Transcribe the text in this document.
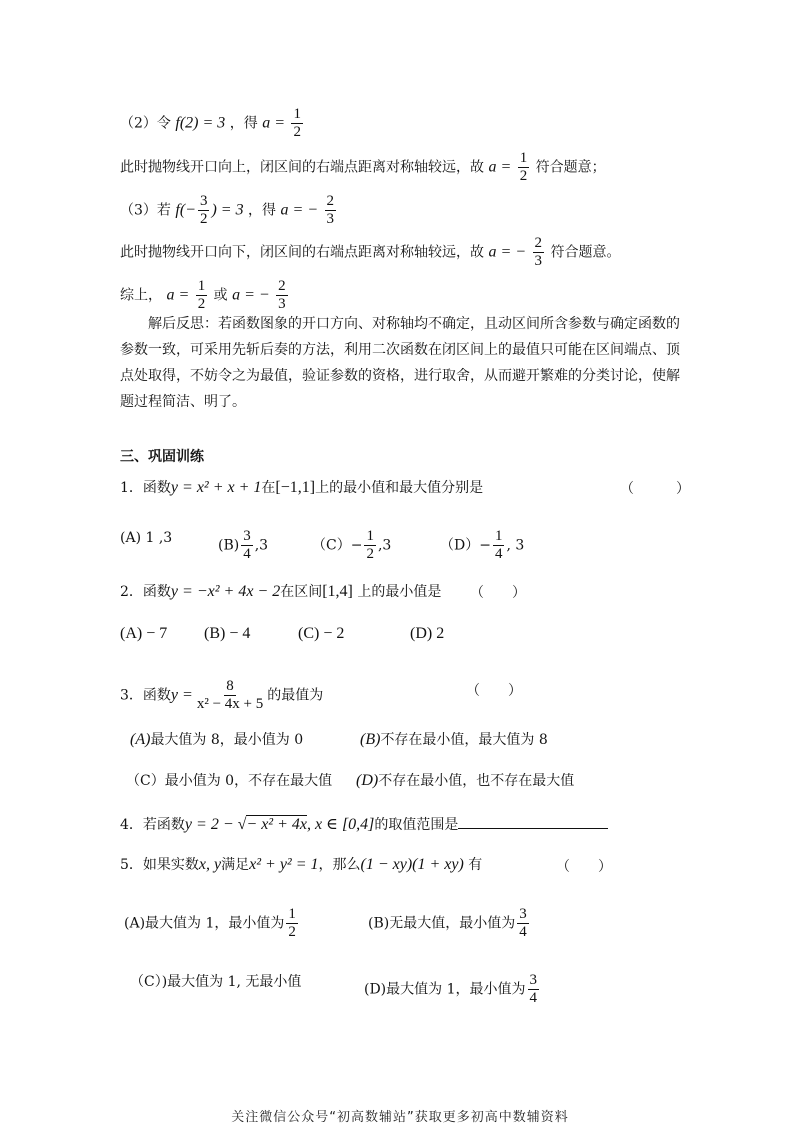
（2）令 f(2) = 3 ，得 $a = \frac{1}{2}$
此时抛物线开口向上，闭区间的右端点距离对称轴较远，故 $a = \frac{1}{2}$ 符合题意；
（3）若 $f(- \frac{3}{2}$ ) = 3 ，得 a = − $\frac{2}{3}$
此时抛物线开口向下，闭区间的右端点距离对称轴较远，故 a = − $\frac{2}{3}$ 符合题意。
综上， $a = \frac{1}{2}$ 或 a = − $\frac{2}{3}$
解后反思：若函数图象的开口方向、对称轴均不确定，且动区间所含参数与确定函数的参数一致，可采用先斩后奏的方法，利用二次函数在闭区间上的最值只可能在区间端点、顶点处取得，不妨令之为最值，验证参数的资格，进行取舍，从而避开繁难的分类讨论，使解题过程简洁、明了。
三、巩固训练
1．函数y = x² + x + 1在[−1,1]上的最小值和最大值分别是	（　　　）
(A) 1 ,3	$(B) \frac{3}{4} ,3$	$(C)- \frac{1}{2} ,3$	$(D)- \frac{1}{4}$ , 3
2．函数y = −x² + 4x − 2在区间[1,4] 上的最小值是 （　　）
(A) − 7 (B) − 4	(C) − 2	(D) 2
3．函数$y = \frac{8}{\text{x² − 4x + 5}}$ 的最值为	（　　）
(A)最大值为 8，最小值为 0	(B)不存在最小值，最大值为 8
（C）最小值为 0，不存在最大值 (D)不存在最小值，也不存在最大值
4．若函数y = 2 − √− x² + 4x, x ∈ [0,4]的取值范围是
5．如果实数x, y满足x² + y² = 1，那么(1 − xy)(1 + xy) 有	（　　）
(A)最大值为 1，最小值为 $\frac{1}{2}$	(B)无最大值，最小值为 $\frac{3}{4}$
（C）)最大值为 1, 无最小值	(D)最大值为 1，最小值为 $\frac{3}{4}$
关注微信公众号“初高数辅站”获取更多初高中数辅资料
